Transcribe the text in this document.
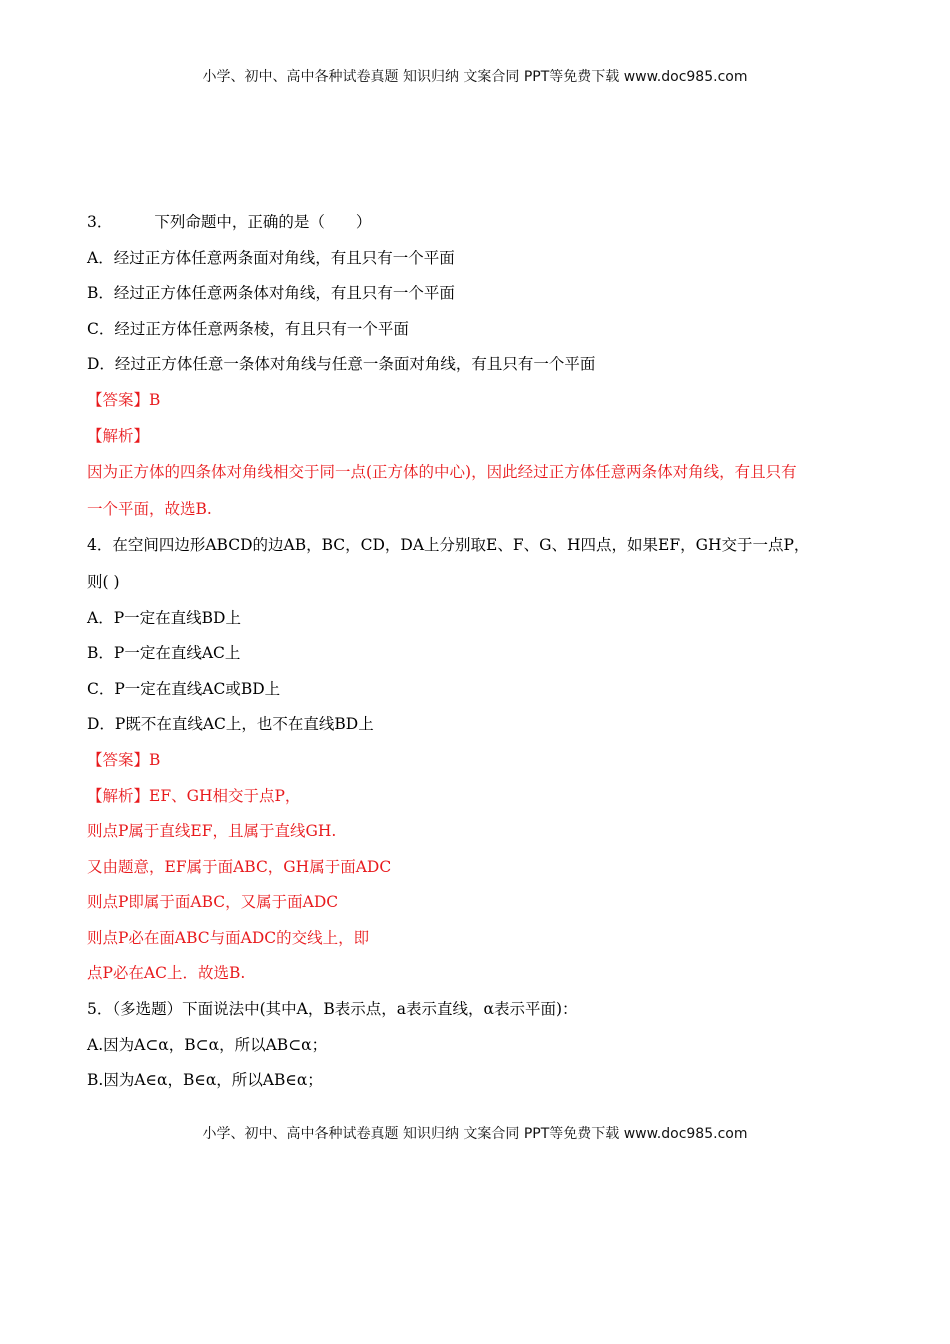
小学、初中、高中各种试卷真题 知识归纳 文案合同 PPT等免费下载 www.doc985.com
3．	下列命题中，正确的是（　　）
A．经过正方体任意两条面对角线，有且只有一个平面
B．经过正方体任意两条体对角线，有且只有一个平面
C．经过正方体任意两条棱，有且只有一个平面
D．经过正方体任意一条体对角线与任意一条面对角线，有且只有一个平面
【答案】B
【解析】
因为正方体的四条体对角线相交于同一点(正方体的中心)，因此经过正方体任意两条体对角线，有且只有
一个平面，故选B.
4．在空间四边形ABCD的边AB，BC，CD，DA上分别取E、F、G、H四点，如果EF，GH交于一点P，
则( )
A．P一定在直线BD上
B．P一定在直线AC上
C．P一定在直线AC或BD上
D．P既不在直线AC上，也不在直线BD上
【答案】B
【解析】EF、GH相交于点P，
则点P属于直线EF，且属于直线GH.
又由题意，EF属于面ABC，GH属于面ADC
则点P即属于面ABC，又属于面ADC
则点P必在面ABC与面ADC的交线上，即
点P必在AC上．故选B.
5．（多选题）下面说法中(其中A，B表示点，a表示直线，α表示平面)：
A.因为A⊂α，B⊂α，所以AB⊂α；
B.因为A∈α，B∈α，所以AB∈α；
小学、初中、高中各种试卷真题 知识归纳 文案合同 PPT等免费下载 www.doc985.com
